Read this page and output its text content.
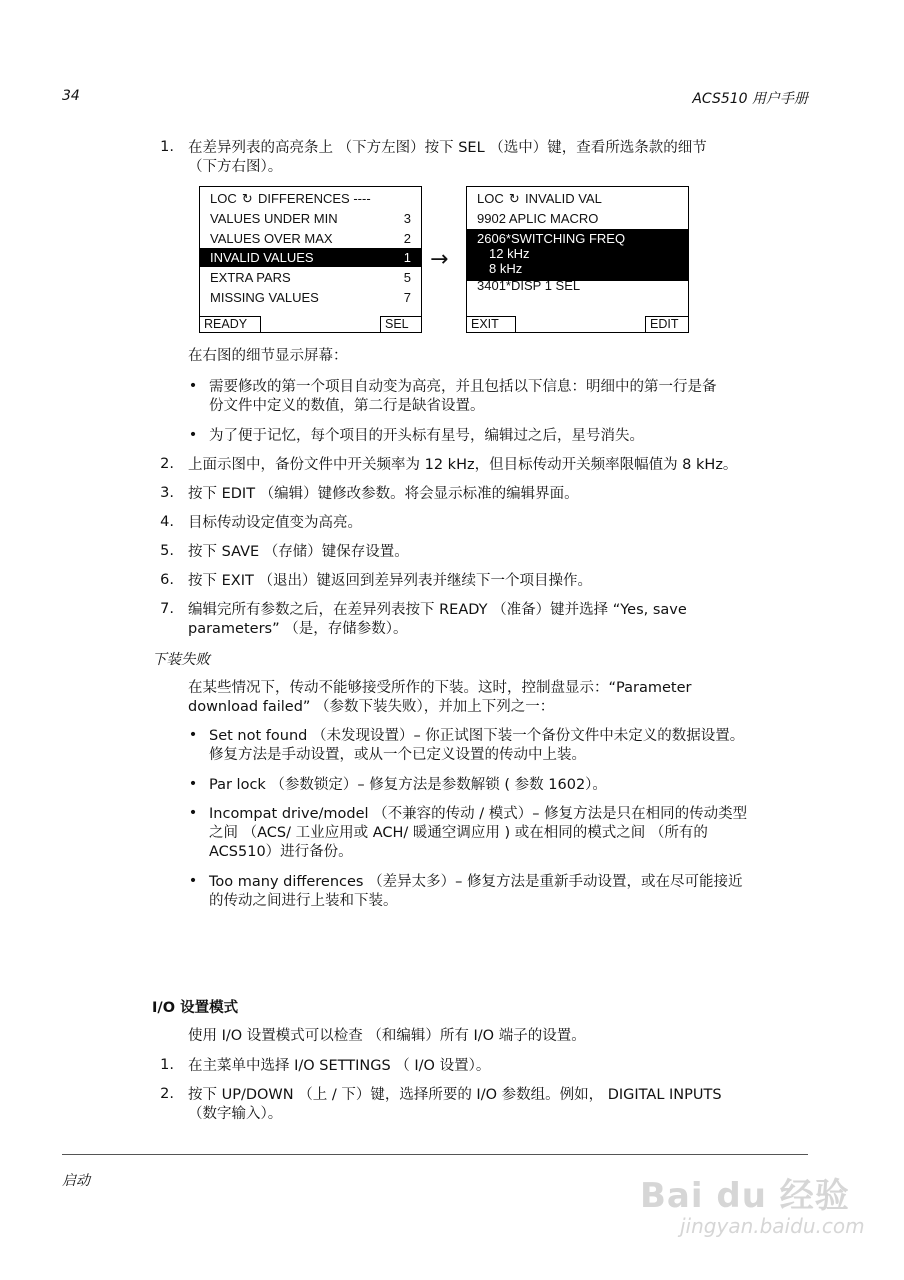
34	ACS510 用户手册
1. 在差异列表的高亮条上 （下方左图）按下 SEL （选中）键，查看所选条款的细节
（下方右图）。
LOC ↻ DIFFERENCES ----
VALUES UNDER MIN	3
VALUES OVER MAX	2
INVALID VALUES	1
EXTRA PARS	5
MISSING VALUES	7
READY	SEL
→
LOC ↻ INVALID VAL
9902 APLIC MACRO
2606*SWITCHING FREQ
12 kHz
8 kHz
3401*DISP 1 SEL
EXIT	EDIT
在右图的细节显示屏幕：
• 需要修改的第一个项目自动变为高亮，并且包括以下信息：明细中的第一行是备
份文件中定义的数值，第二行是缺省设置。
• 为了便于记忆，每个项目的开头标有星号，编辑过之后，星号消失。
2. 上面示图中，备份文件中开关频率为 12 kHz，但目标传动开关频率限幅值为 8 kHz。
3. 按下 EDIT （编辑）键修改参数。将会显示标准的编辑界面。
4. 目标传动设定值变为高亮。
5. 按下 SAVE （存储）键保存设置。
6. 按下 EXIT （退出）键返回到差异列表并继续下一个项目操作。
7. 编辑完所有参数之后，在差异列表按下 READY （准备）键并选择 “Yes, save
parameters” （是，存储参数）。
下装失败
在某些情况下，传动不能够接受所作的下装。这时，控制盘显示：“Parameter
download failed” （参数下装失败），并加上下列之一：
• Set not found （未发现设置）– 你正试图下装一个备份文件中未定义的数据设置。
修复方法是手动设置，或从一个已定义设置的传动中上装。
• Par lock （参数锁定）– 修复方法是参数解锁 ( 参数 1602）。
• Incompat drive/model （不兼容的传动 / 模式）– 修复方法是只在相同的传动类型
之间 （ACS/ 工业应用或 ACH/ 暖通空调应用 ) 或在相同的模式之间 （所有的
ACS510）进行备份。
• Too many differences （差异太多）– 修复方法是重新手动设置，或在尽可能接近
的传动之间进行上装和下装。
I/O 设置模式
使用 I/O 设置模式可以检查 （和编辑）所有 I/O 端子的设置。
1. 在主菜单中选择 I/O SETTINGS （ I/O 设置）。
2. 按下 UP/DOWN （上 / 下）键，选择所要的 I/O 参数组。例如， DIGITAL INPUTS
（数字输入）。
启动	Bai du 经验
jingyan.baidu.com
